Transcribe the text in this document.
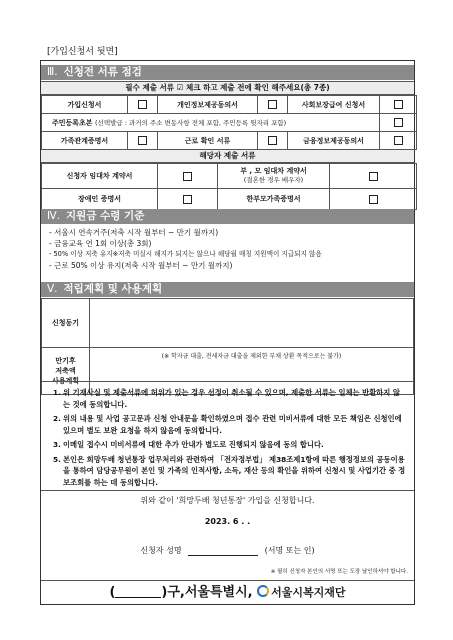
[가입신청서 뒷면]
Ⅲ. 신청전 서류 점검
필수 제출 서류 ☑ 체크 하고 제출 전에 확인 해주세요(총 7종)
가입신청서		개인정보제공동의서		사회보장급여 신청서	
주민등록초본 (선택발급 : 과거의 주소 변동사항 전체 포함, 주민등록 뒷자리 포함)					
가족관계증명서		근로 확인 서류		금융정보제공동의서	
해당자 제출 서류
신청자 임대차 계약서		부 , 모 임대차 계약서
(결혼한 경우 배우자)	

장애인 증명서		한부모가족증명서	
Ⅳ. 지원금 수령 기준
- 서울시 연속거주(저축 시작 월부터 ~ 만기 월까지)
- 금융교육 연 1회 이상(총 3회)
- 50% 이상 저축 유지※저축 미실시 해지가 되지는 않으나 해당월 매칭 지원액이 지급되지 않음
- 근로 50% 이상 유지(저축 시작 월부터 ~ 만기 월까지)
Ⅴ. 적립계획 및 사용계획
신청동기	

만기후
저축액
사용계획	(※ 학자금 대출, 전세자금 대출을 제외한 부채 상환 목적으로는 불가)
1. 위 기재사실 및 제출서류에 허위가 있는 경우 선정이 취소될 수 있으며, 제출한 서류는 일체는 반환하지 않는 것에 동의합니다.
2. 위의 내용 및 사업 공고문과 신청 안내문을 확인하였으며 접수 관련 미비서류에 대한 모든 책임은 신청인에 있으며 별도 보완 요청을 하지 않음에 동의합니다.
3. 이메일 접수시 미비서류에 대한 추가 안내가 별도로 진행되지 않음에 동의 합니다.
5. 본인은 희망두배 청년통장 업무처리와 관련하여 「전자정부법」 제38조제1항에 따른 행정정보의 공동이용을 통하여 담당공무원이 본인 및 가족의 인적사항, 소득, 재산 등의 확인을 위하여 신청시 및 사업기간 중 정보조회를 하는 데 동의합니다.
위와 같이 '희망두배 청년통장' 가입을 신청합니다.
2023. 6 . .
신청자 성명	(서명 또는 인)
※ 필히 신청자 본인의 서명 또는 도장 날인하셔야 합니다.
(	)구,서울특별시, 서울시복지재단
